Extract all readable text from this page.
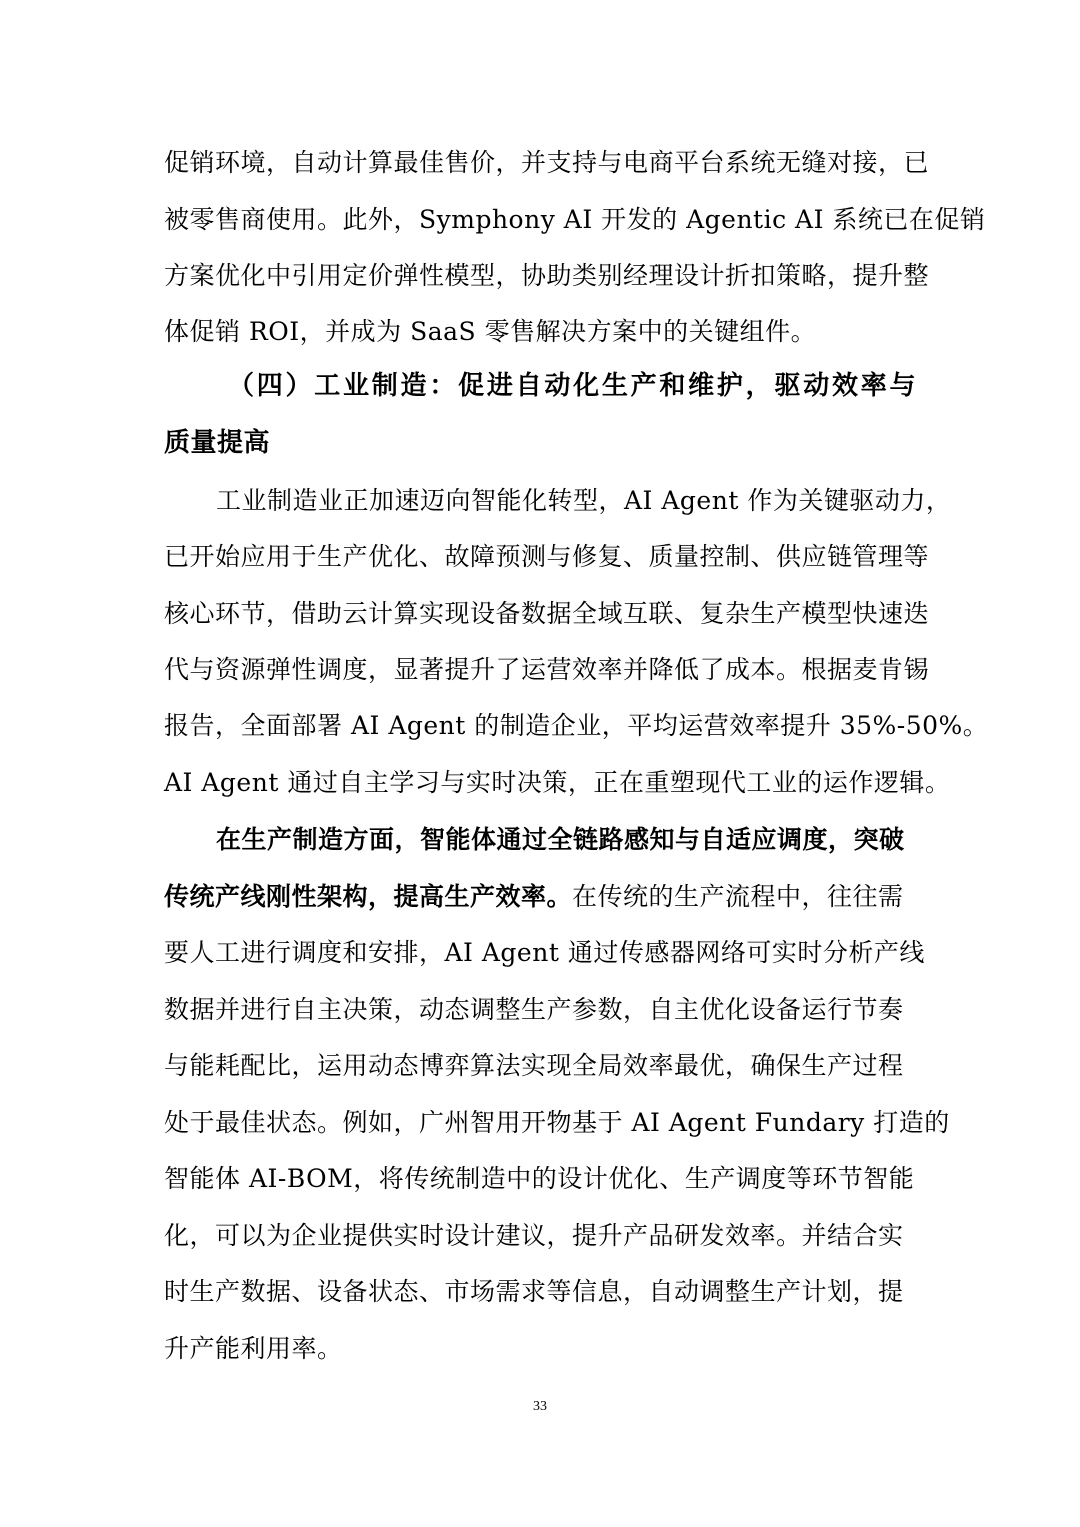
促销环境，自动计算最佳售价，并支持与电商平台系统无缝对接，已
被零售商使用。此外，Symphony AI 开发的 Agentic AI 系统已在促销
方案优化中引用定价弹性模型，协助类别经理设计折扣策略，提升整
体促销 ROI，并成为 SaaS 零售解决方案中的关键组件。
（四）工业制造：促进自动化生产和维护，驱动效率与
质量提高
工业制造业正加速迈向智能化转型，AI Agent 作为关键驱动力，
已开始应用于生产优化、故障预测与修复、质量控制、供应链管理等
核心环节，借助云计算实现设备数据全域互联、复杂生产模型快速迭
代与资源弹性调度，显著提升了运营效率并降低了成本。根据麦肯锡
报告，全面部署 AI Agent 的制造企业，平均运营效率提升 35%-50%。
AI Agent 通过自主学习与实时决策，正在重塑现代工业的运作逻辑。
在生产制造方面，智能体通过全链路感知与自适应调度，突破
传统产线刚性架构，提高生产效率。在传统的生产流程中，往往需
要人工进行调度和安排，AI Agent 通过传感器网络可实时分析产线
数据并进行自主决策，动态调整生产参数，自主优化设备运行节奏
与能耗配比，运用动态博弈算法实现全局效率最优，确保生产过程
处于最佳状态。例如，广州智用开物基于 AI Agent Fundary 打造的
智能体 AI-BOM，将传统制造中的设计优化、生产调度等环节智能
化，可以为企业提供实时设计建议，提升产品研发效率。并结合实
时生产数据、设备状态、市场需求等信息，自动调整生产计划，提
升产能利用率。
33
